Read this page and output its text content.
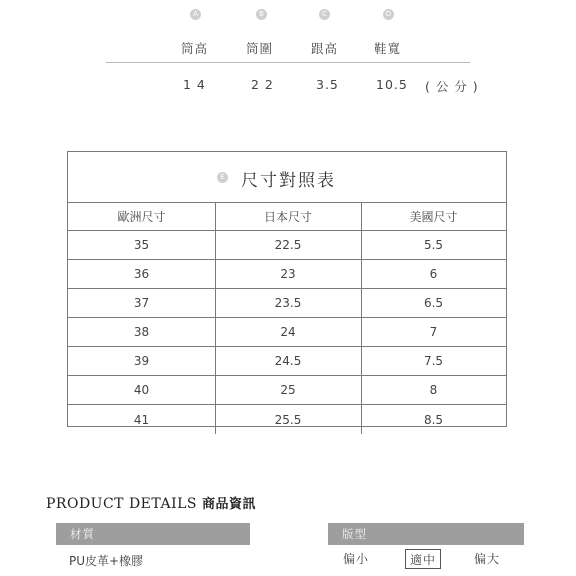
A	B	C	D
筒高	筒圍	跟高	鞋寬
1 4	2 2	3.5	10.5 ( 公 分 )
E 尺寸對照表
歐洲尺寸	日本尺寸	美國尺寸
35	22.5	5.5
36	23	6
37	23.5	6.5
38	24	7
39	24.5	7.5
40	25	8
41	25.5	8.5
PRODUCT DETAILS 商品資訊
材質	版型
PU皮革+橡膠	偏小	適中	偏大
